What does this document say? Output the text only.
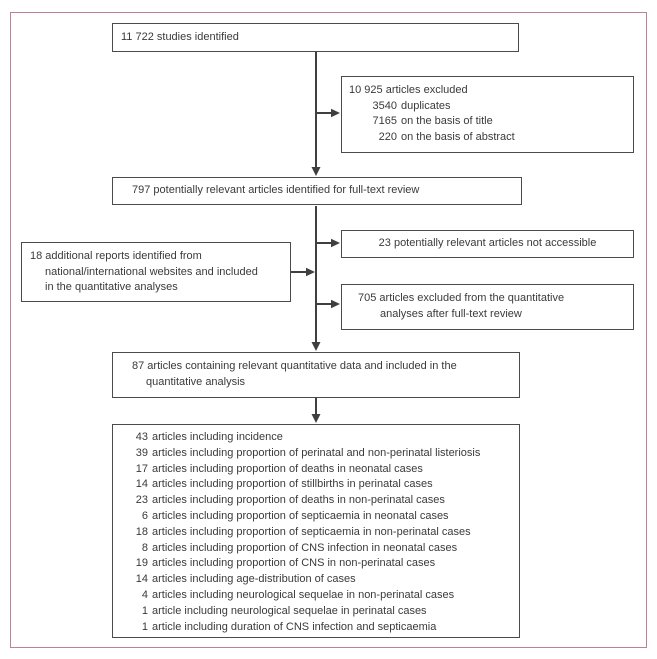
11 722 studies identified
10 925 articles excluded
3540 duplicates
7165 on the basis of title
220 on the basis of abstract
797 potentially relevant articles identified for full-text review
18 additional reports identified from
national/international websites and included
in the quantitative analyses
23 potentially relevant articles not accessible
705 articles excluded from the quantitative
analyses after full-text review
87 articles containing relevant quantitative data and included in the
quantitative analysis
43 articles including incidence
39 articles including proportion of perinatal and non-perinatal listeriosis
17 articles including proportion of deaths in neonatal cases
14 articles including proportion of stillbirths in perinatal cases
23 articles including proportion of deaths in non-perinatal cases
6 articles including proportion of septicaemia in neonatal cases
18 articles including proportion of septicaemia in non-perinatal cases
8 articles including proportion of CNS infection in neonatal cases
19 articles including proportion of CNS in non-perinatal cases
14 articles including age-distribution of cases
4 articles including neurological sequelae in non-perinatal cases
1 article including neurological sequelae in perinatal cases
1 article including duration of CNS infection and septicaemia
